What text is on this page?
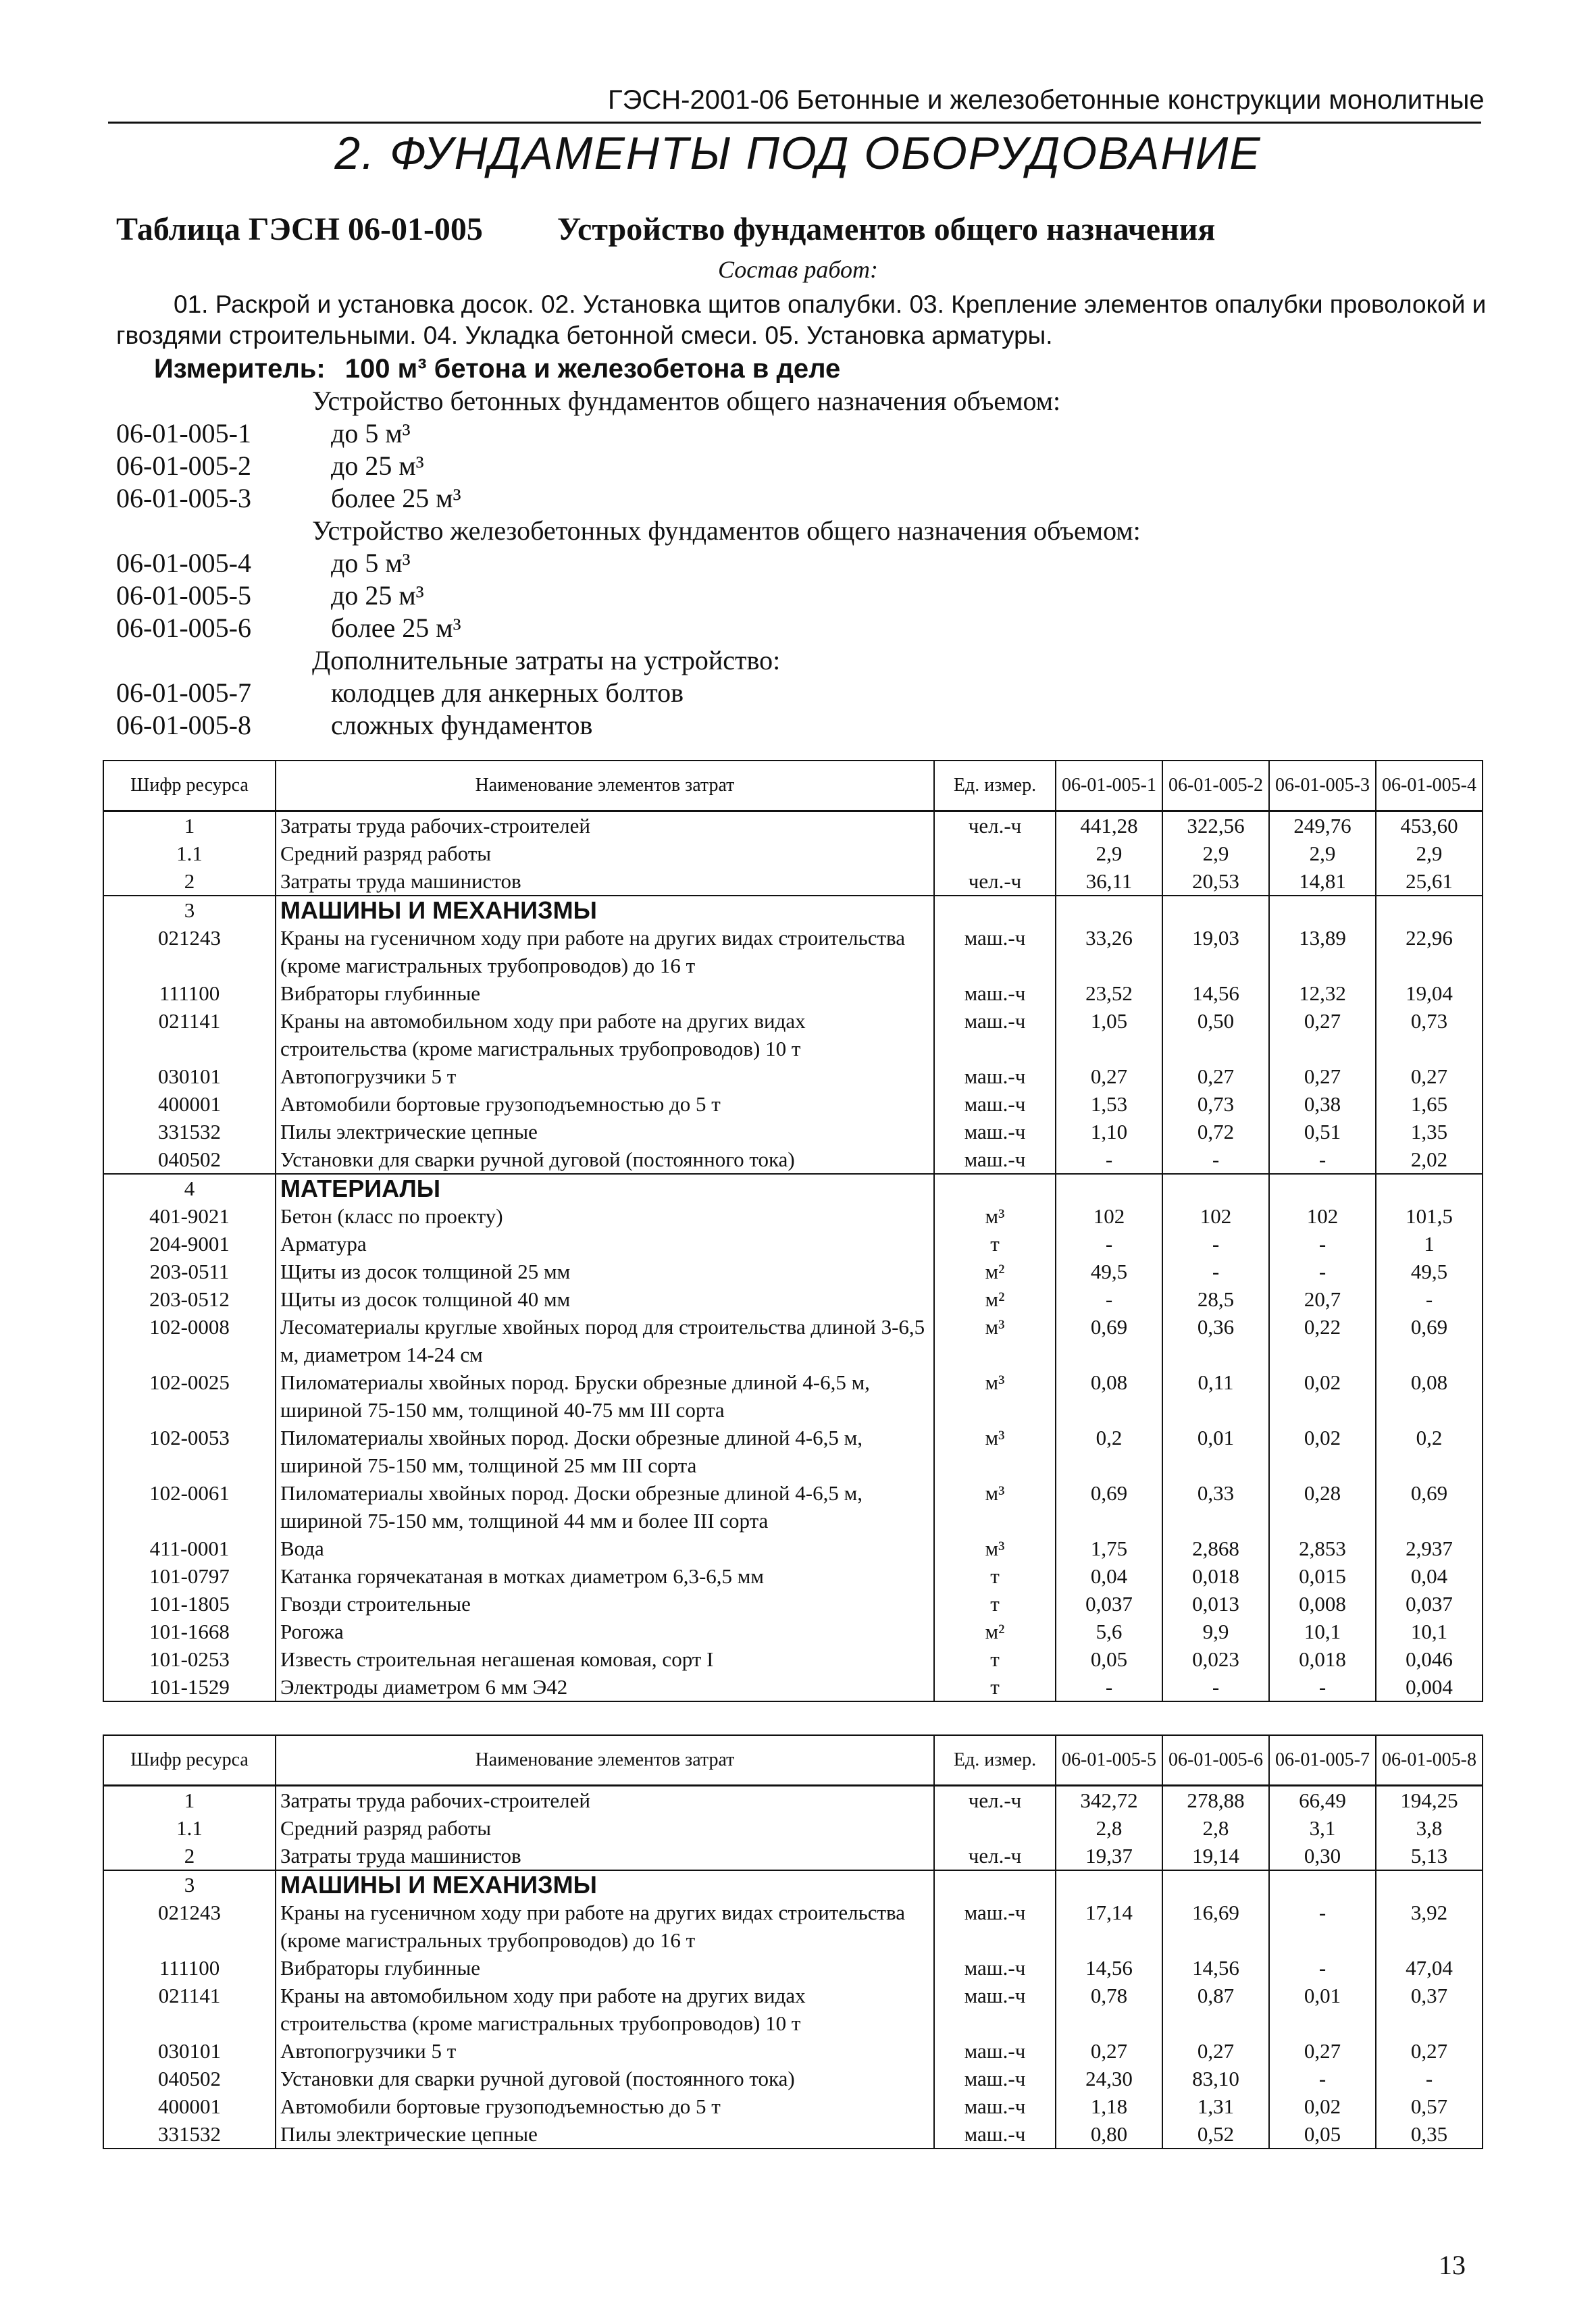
ГЭСН-2001-06 Бетонные и железобетонные конструкции монолитные
2. ФУНДАМЕНТЫ ПОД ОБОРУДОВАНИЕ
Таблица ГЭСН 06-01-005 Устройство фундаментов общего назначения
Состав работ:
01. Раскрой и установка досок. 02. Установка щитов опалубки. 03. Крепление элементов опалубки проволокой и гвоздями строительными. 04. Укладка бетонной смеси. 05. Установка арматуры.
Измеритель: 100 м³ бетона и железобетона в деле
Устройство бетонных фундаментов общего назначения объемом:
06-01-005-1	до 5 м³
06-01-005-2	до 25 м³
06-01-005-3	более 25 м³
Устройство железобетонных фундаментов общего назначения объемом:
06-01-005-4	до 5 м³
06-01-005-5	до 25 м³
06-01-005-6	более 25 м³
Дополнительные затраты на устройство:
06-01-005-7	колодцев для анкерных болтов
06-01-005-8	сложных фундаментов
Шифр ресурса	Наименование элементов затрат	Ед. измер.	06-01-005-1	06-01-005-2	06-01-005-3	06-01-005-4
1	Затраты труда рабочих-строителей	чел.-ч	441,28	322,56	249,76	453,60
1.1	Средний разряд работы		2,9	2,9	2,9	2,9
2	Затраты труда машинистов	чел.-ч	36,11	20,53	14,81	25,61
3	МАШИНЫ И МЕХАНИЗМЫ					
021243	Краны на гусеничном ходу при работе на других видах строительства (кроме магистральных трубопроводов) до 16 т	маш.-ч	33,26	19,03	13,89	22,96
111100	Вибраторы глубинные	маш.-ч	23,52	14,56	12,32	19,04
021141	Краны на автомобильном ходу при работе на других видах строительства (кроме магистральных трубопроводов) 10 т	маш.-ч	1,05	0,50	0,27	0,73
030101	Автопогрузчики 5 т	маш.-ч	0,27	0,27	0,27	0,27
400001	Автомобили бортовые грузоподъемностью до 5 т	маш.-ч	1,53	0,73	0,38	1,65
331532	Пилы электрические цепные	маш.-ч	1,10	0,72	0,51	1,35
040502	Установки для сварки ручной дуговой (постоянного тока)	маш.-ч	-	-	-	2,02
4	МАТЕРИАЛЫ					
401-9021	Бетон (класс по проекту)	м³	102	102	102	101,5
204-9001	Арматура	т	-	-	-	1
203-0511	Щиты из досок толщиной 25 мм	м²	49,5	-	-	49,5
203-0512	Щиты из досок толщиной 40 мм	м²	-	28,5	20,7	-
102-0008	Лесоматериалы круглые хвойных пород для строительства длиной 3-6,5 м, диаметром 14-24 см	м³	0,69	0,36	0,22	0,69
102-0025	Пиломатериалы хвойных пород. Бруски обрезные длиной 4-6,5 м, шириной 75-150 мм, толщиной 40-75 мм III сорта	м³	0,08	0,11	0,02	0,08
102-0053	Пиломатериалы хвойных пород. Доски обрезные длиной 4-6,5 м, шириной 75-150 мм, толщиной 25 мм III сорта	м³	0,2	0,01	0,02	0,2
102-0061	Пиломатериалы хвойных пород. Доски обрезные длиной 4-6,5 м, шириной 75-150 мм, толщиной 44 мм и более III сорта	м³	0,69	0,33	0,28	0,69
411-0001	Вода	м³	1,75	2,868	2,853	2,937
101-0797	Катанка горячекатаная в мотках диаметром 6,3-6,5 мм	т	0,04	0,018	0,015	0,04
101-1805	Гвозди строительные	т	0,037	0,013	0,008	0,037
101-1668	Рогожа	м²	5,6	9,9	10,1	10,1
101-0253	Известь строительная негашеная комовая, сорт I	т	0,05	0,023	0,018	0,046
101-1529	Электроды диаметром 6 мм Э42	т	-	-	-	0,004
Шифр ресурса	Наименование элементов затрат	Ед. измер.	06-01-005-5	06-01-005-6	06-01-005-7	06-01-005-8
1	Затраты труда рабочих-строителей	чел.-ч	342,72	278,88	66,49	194,25
1.1	Средний разряд работы		2,8	2,8	3,1	3,8
2	Затраты труда машинистов	чел.-ч	19,37	19,14	0,30	5,13
3	МАШИНЫ И МЕХАНИЗМЫ					
021243	Краны на гусеничном ходу при работе на других видах строительства (кроме магистральных трубопроводов) до 16 т	маш.-ч	17,14	16,69	-	3,92
111100	Вибраторы глубинные	маш.-ч	14,56	14,56	-	47,04
021141	Краны на автомобильном ходу при работе на других видах строительства (кроме магистральных трубопроводов) 10 т	маш.-ч	0,78	0,87	0,01	0,37
030101	Автопогрузчики 5 т	маш.-ч	0,27	0,27	0,27	0,27
040502	Установки для сварки ручной дуговой (постоянного тока)	маш.-ч	24,30	83,10	-	-
400001	Автомобили бортовые грузоподъемностью до 5 т	маш.-ч	1,18	1,31	0,02	0,57
331532	Пилы электрические цепные	маш.-ч	0,80	0,52	0,05	0,35
13
